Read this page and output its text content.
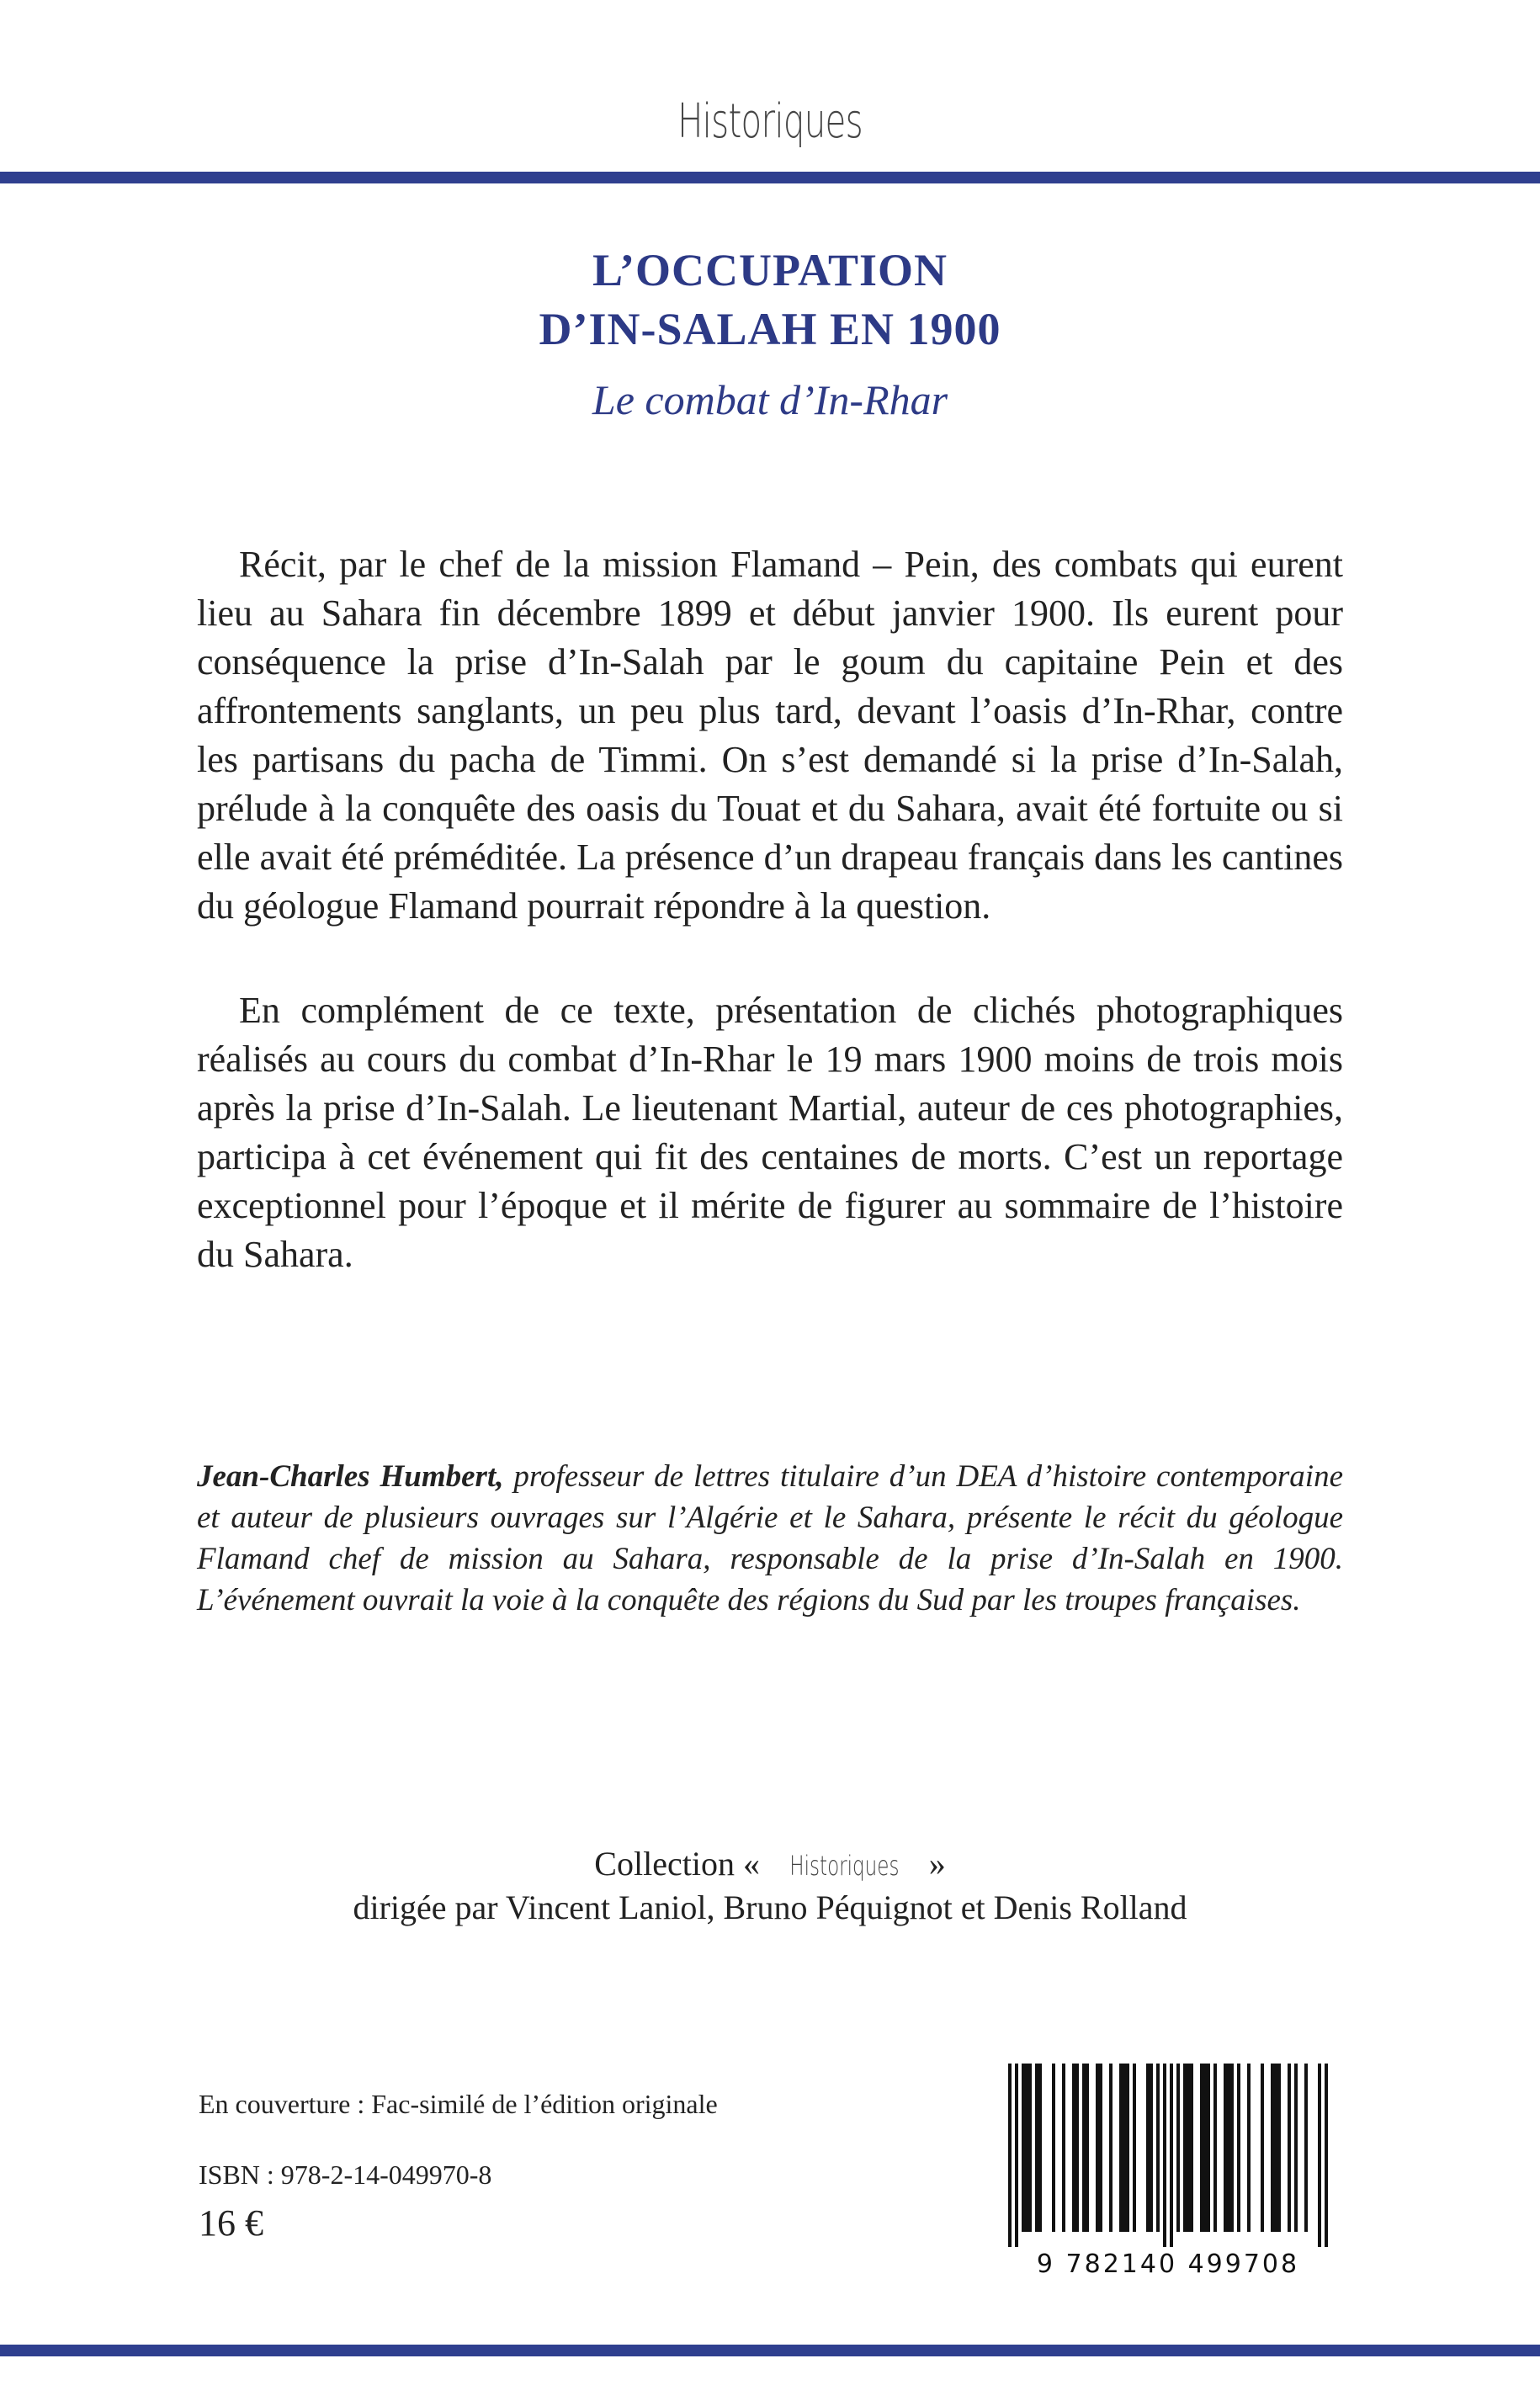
Historiques
L’OCCUPATION
D’IN-SALAH EN 1900
Le combat d’In-Rhar

Récit, par le chef de la mission Flamand – Pein, des combats qui eurent lieu au Sahara fin décembre 1899 et début janvier 1900. Ils eurent pour conséquence la prise d’In-Salah par le goum du capitaine Pein et des affrontements sanglants, un peu plus tard, devant l’oasis d’In-Rhar, contre les partisans du pacha de Timmi. On s’est demandé si la prise d’In-Salah, prélude à la conquête des oasis du Touat et du Sahara, avait été fortuite ou si elle avait été préméditée. La présence d’un drapeau français dans les cantines du géologue Flamand pourrait répondre à la question.

En complément de ce texte, présentation de clichés photographiques réalisés au cours du combat d’In-Rhar le 19 mars 1900 moins de trois mois après la prise d’In-Salah. Le lieutenant Martial, auteur de ces photographies, participa à cet événement qui fit des centaines de morts. C’est un reportage exceptionnel pour l’époque et il mérite de figurer au sommaire de l’histoire du Sahara.

Jean-Charles Humbert, professeur de lettres titulaire d’un DEA d’histoire contemporaine et auteur de plusieurs ouvrages sur l’Algérie et le Sahara, présente le récit du géologue Flamand chef de mission au Sahara, responsable de la prise d’In-Salah en 1900. L’événement ouvrait la voie à la conquête des régions du Sud par les troupes françaises.

Collection « Historiques »
dirigée par Vincent Laniol, Bruno Péquignot et Denis Rolland
En couverture : Fac-similé de l’édition originale
ISBN : 978-2-14-049970-8
16 €
9 782140 499708
